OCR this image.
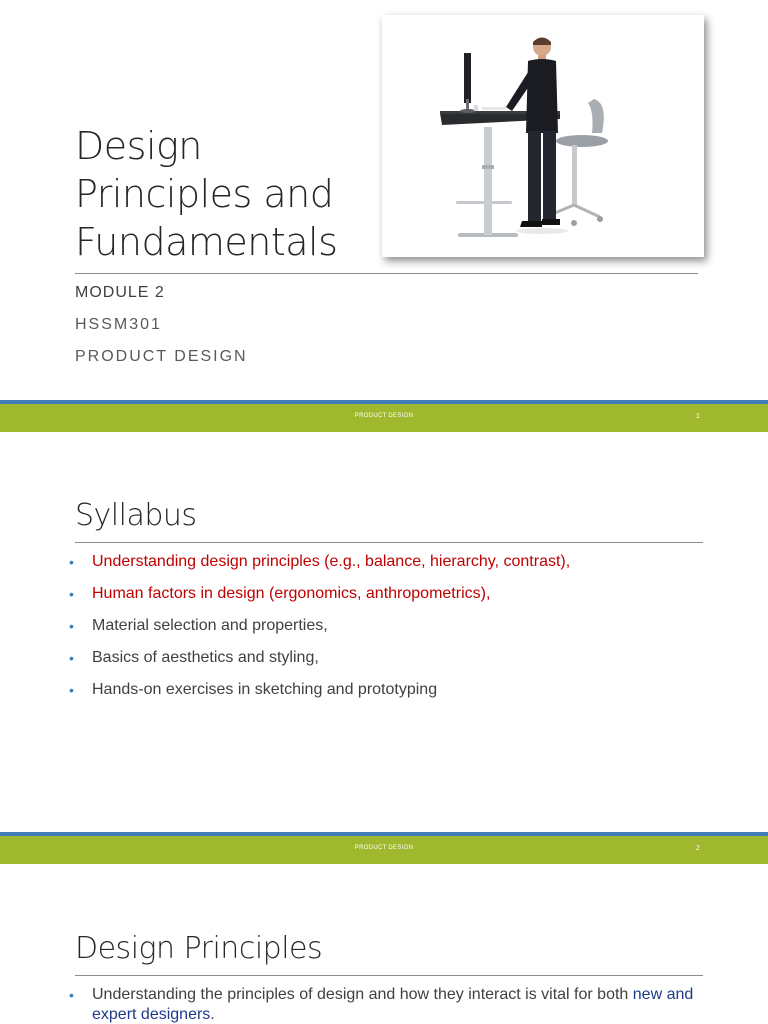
Design
Principles and
Fundamentals
MODULE 2
HSSM301
PRODUCT DESIGN
PRODUCT DESIGN	1
Syllabus
• Understanding design principles (e.g., balance, hierarchy, contrast),
• Human factors in design (ergonomics, anthropometrics),
• Material selection and properties,
• Basics of aesthetics and styling,
• Hands-on exercises in sketching and prototyping
PRODUCT DESIGN	2
Design Principles
• Understanding the principles of design and how they interact is vital for both new and expert designers.
